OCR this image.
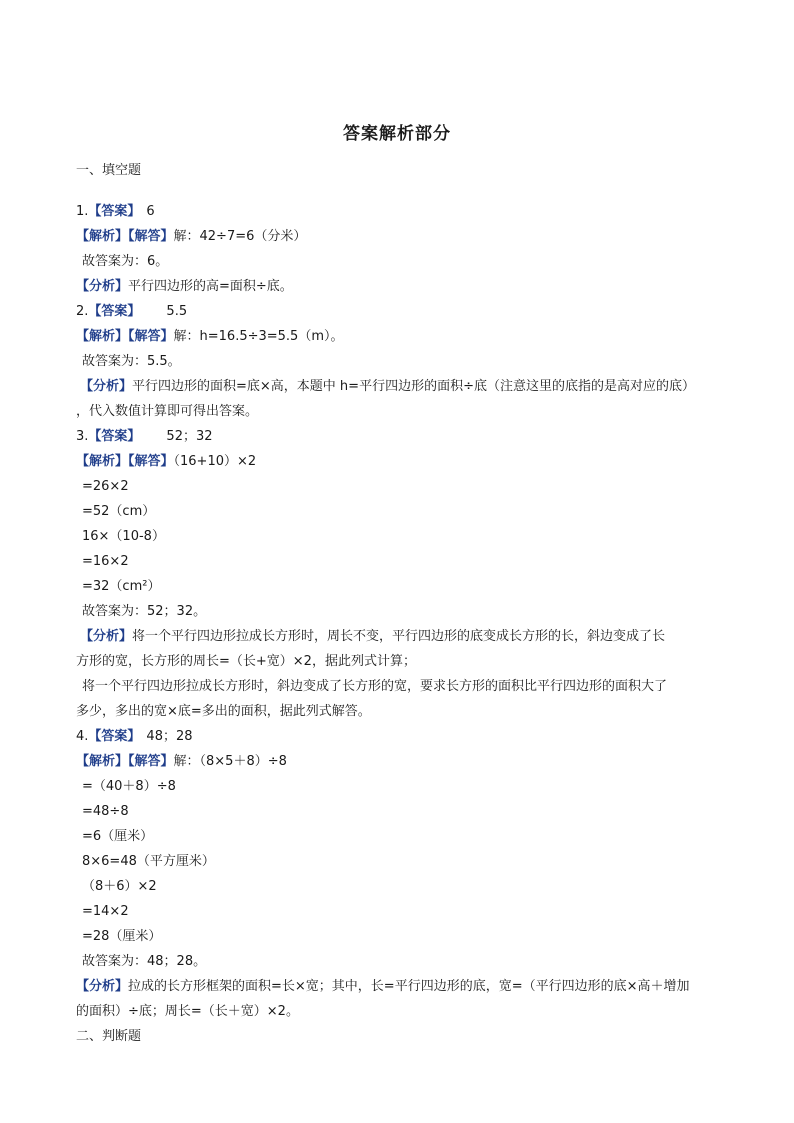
答案解析部分
一、填空题
1.【答案】 6
【解析】【解答】解：42÷7=6（分米）
故答案为：6。
【分析】平行四边形的高=面积÷底。
2.【答案】 5.5
【解析】【解答】解：h=16.5÷3=5.5（m）。
故答案为：5.5。
【分析】平行四边形的面积=底×高，本题中 h=平行四边形的面积÷底（注意这里的底指的是高对应的底）
，代入数值计算即可得出答案。
3.【答案】 52；32
【解析】【解答】（16+10）×2
=26×2
=52（cm）
16×（10-8）
=16×2
=32（cm²）
故答案为：52；32。
【分析】将一个平行四边形拉成长方形时，周长不变，平行四边形的底变成长方形的长，斜边变成了长
方形的宽，长方形的周长=（长+宽）×2，据此列式计算；
将一个平行四边形拉成长方形时，斜边变成了长方形的宽，要求长方形的面积比平行四边形的面积大了
多少，多出的宽×底=多出的面积，据此列式解答。
4.【答案】 48；28
【解析】【解答】解：（8×5＋8）÷8
=（40＋8）÷8
=48÷8
=6（厘米）
8×6=48（平方厘米）
（8＋6）×2
=14×2
=28（厘米）
故答案为：48；28。
【分析】拉成的长方形框架的面积=长×宽；其中，长=平行四边形的底，宽=（平行四边形的底×高＋增加
的面积）÷底；周长=（长＋宽）×2。
二、判断题
